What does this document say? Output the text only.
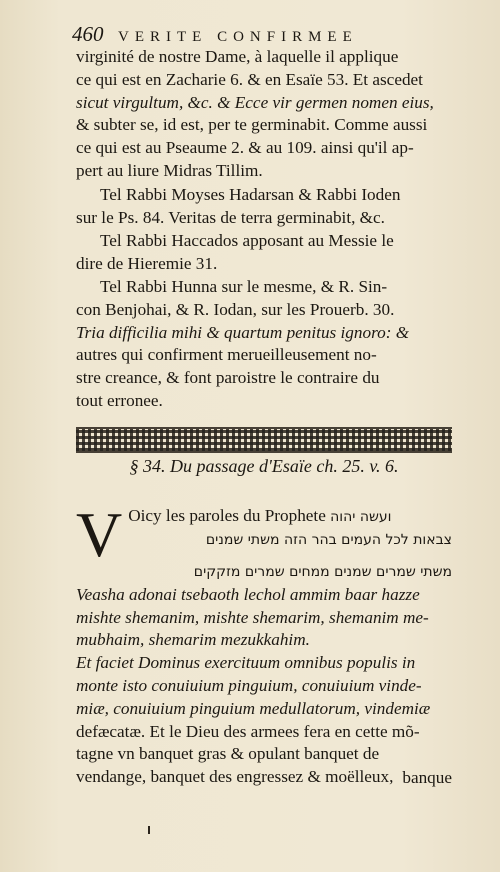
460 VERITE CONFIRMEE

virginité de nostre Dame, à laquelle il applique

ce qui est en Zacharie 6. & en Esaïe 53. Et ascedet

sicut virgultum, &c. & Ecce vir germen nomen eius,

& subter se, id est, per te germinabit. Comme aussi

ce qui est au Pseaume 2. & au 109. ainsi qu'il ap-

pert au liure Midras Tillim.

Tel Rabbi Moyses Hadarsan & Rabbi Ioden

sur le Ps. 84. Veritas de terra germinabit, &c.

Tel Rabbi Haccados apposant au Messie le

dire de Hieremie 31.

Tel Rabbi Hunna sur le mesme, & R. Sin-

con Benjohai, & R. Iodan, sur les Prouerb. 30.

Tria difficilia mihi & quartum penitus ignoro: &

autres qui confirment merueilleusement no-

stre creance, & font paroistre le contraire du

tout erronee.

§ 34. Du passage d'Esaïe ch. 25. v. 6.

V Oicy les paroles du Prophete ועשה יהוה

צבאות לכל העמים בהר הזה משתי שמנים

משתי שמרים שמנים ממחים שמרים מזקקים

Veasha adonai tsebaoth lechol ammim baar hazze

mishte shemanim, mishte shemarim, shemanim me-

mubhaim, shemarim mezukkahim.

Et faciet Dominus exercituum omnibus populis in

monte isto conuiuium pinguium, conuiuium vinde-

miæ, conuiuium pinguium medullatorum, vindemiæ

defæcatæ. Et le Dieu des armees fera en cette mõ-

tagne vn banquet gras & opulant banquet de

vendange, banquet des engressez & moëlleux, banque
